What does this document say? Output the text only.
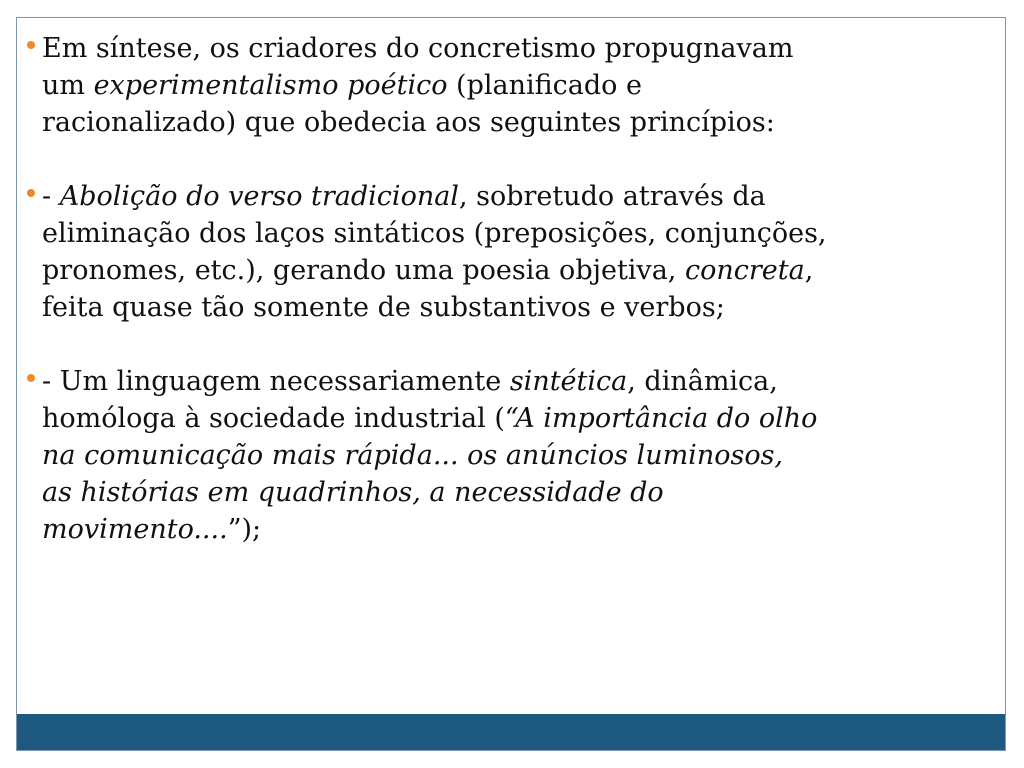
Em síntese, os criadores do concretismo propugnavam
um experimentalismo poético (planificado e
racionalizado) que obedecia aos seguintes princípios:

- Abolição do verso tradicional, sobretudo através da
eliminação dos laços sintáticos (preposições, conjunções,
pronomes, etc.), gerando uma poesia objetiva, concreta,
feita quase tão somente de substantivos e verbos;

- Um linguagem necessariamente sintética, dinâmica,
homóloga à sociedade industrial (“A importância do olho
na comunicação mais rápida... os anúncios luminosos,
as histórias em quadrinhos, a necessidade do
movimento....”);
